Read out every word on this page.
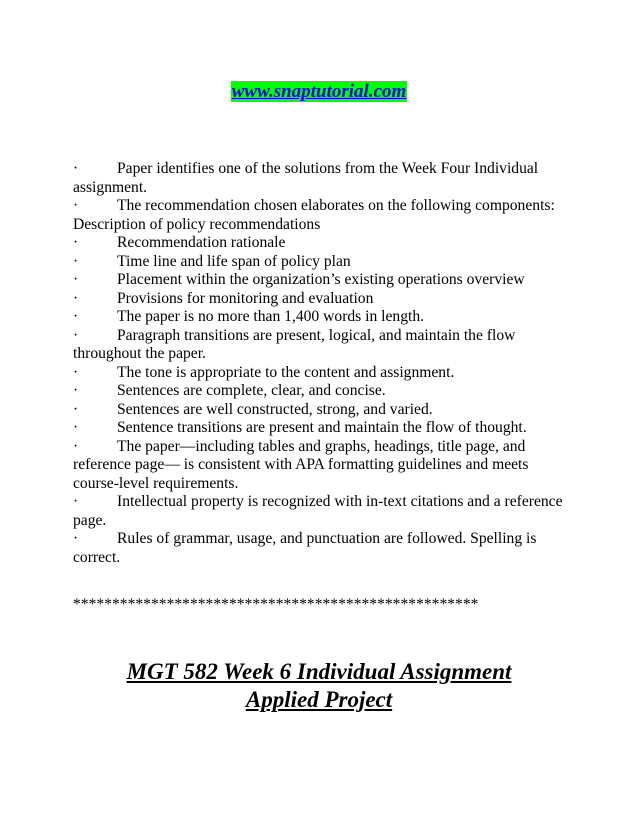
www.snaptutorial.com
· Paper identifies one of the solutions from the Week Four Individual assignment.
· The recommendation chosen elaborates on the following components: Description of policy recommendations
· Recommendation rationale
· Time line and life span of policy plan
· Placement within the organization’s existing operations overview
· Provisions for monitoring and evaluation
· The paper is no more than 1,400 words in length.
· Paragraph transitions are present, logical, and maintain the flow throughout the paper.
· The tone is appropriate to the content and assignment.
· Sentences are complete, clear, and concise.
· Sentences are well constructed, strong, and varied.
· Sentence transitions are present and maintain the flow of thought.
· The paper—including tables and graphs, headings, title page, and reference page— is consistent with APA formatting guidelines and meets course-level requirements.
· Intellectual property is recognized with in-text citations and a reference page.
· Rules of grammar, usage, and punctuation are followed. Spelling is correct.
****************************************************
MGT 582 Week 6 Individual Assignment
Applied Project
